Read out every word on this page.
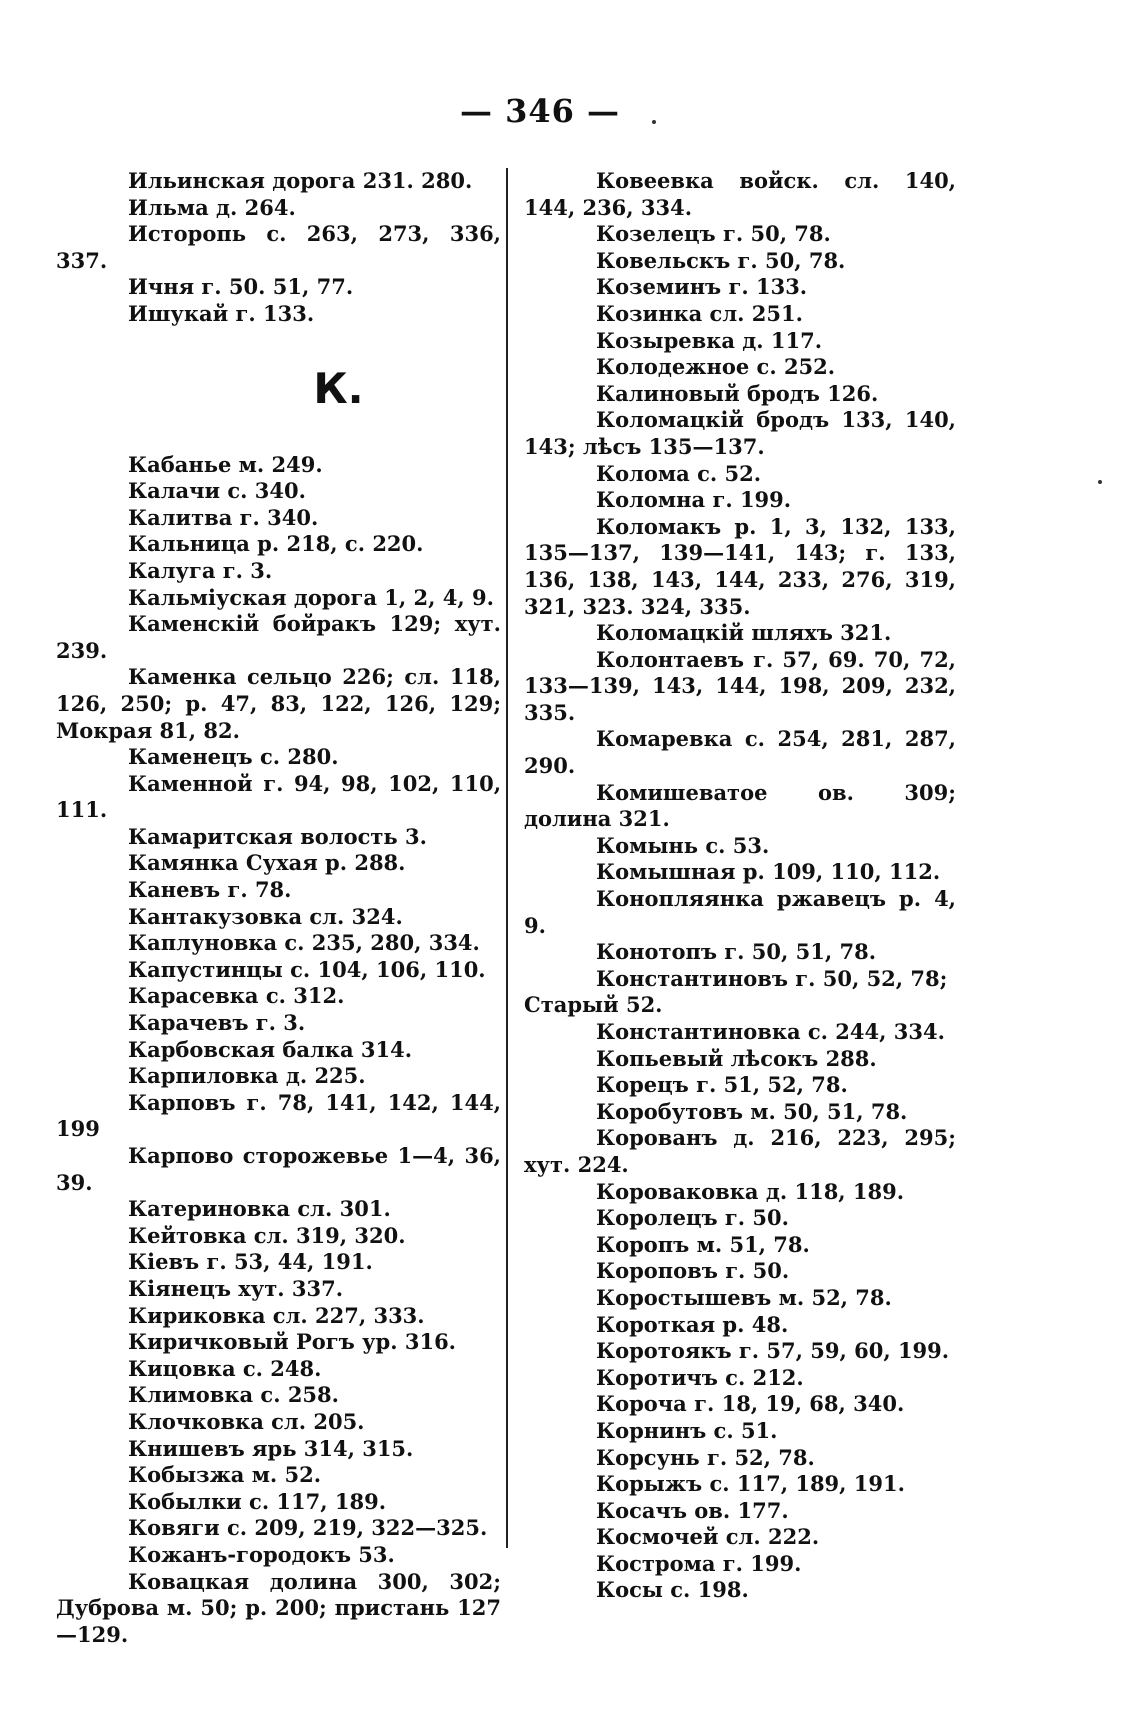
— 346 —

Ильинская дорога 231. 280.

Ильма д. 264.

Исторопь с. 263, 273, 336, 337.

Ичня г. 50. 51, 77.

Ишукай г. 133.

К.

Кабанье м. 249.

Калачи с. 340.

Калитва г. 340.

Кальница р. 218, с. 220.

Калуга г. 3.

Кальміуская дорога 1, 2, 4, 9.

Каменскій бойракъ 129; хут. 239.

Каменка сельцо 226; сл. 118, 126, 250; р. 47, 83, 122, 126, 129; Мокрая 81, 82.

Каменецъ с. 280.

Каменной г. 94, 98, 102, 110, 111.

Камаритская волость 3.

Камянка Сухая р. 288.

Каневъ г. 78.

Кантакузовка сл. 324.

Каплуновка с. 235, 280, 334.

Капустинцы с. 104, 106, 110.

Карасевка с. 312.

Карачевъ г. 3.

Карбовская балка 314.

Карпиловка д. 225.

Карповъ г. 78, 141, 142, 144, 199

Карпово сторожевье 1—4, 36, 39.

Катериновка сл. 301.

Кейтовка сл. 319, 320.

Кіевъ г. 53, 44, 191.

Кіянецъ хут. 337.

Кириковка сл. 227, 333.

Киричковый Рогъ ур. 316.

Кицовка с. 248.

Климовка с. 258.

Клочковка сл. 205.

Книшевъ ярь 314, 315.

Кобызжа м. 52.

Кобылки с. 117, 189.

Ковяги с. 209, 219, 322—325.

Кожанъ-городокъ 53.

Ковацкая долина 300, 302; Дуброва м. 50; р. 200; пристань 127—129.

Ковеевка войск. сл. 140, 144, 236, 334.

Козелецъ г. 50, 78.

Ковельскъ г. 50, 78.

Коземинъ г. 133.

Козинка сл. 251.

Козыревка д. 117.

Колодежное с. 252.

Калиновый бродъ 126.

Коломацкій бродъ 133, 140, 143; лѣсъ 135—137.

Колома с. 52.

Коломна г. 199.

Коломакъ р. 1, 3, 132, 133, 135—137, 139—141, 143; г. 133, 136, 138, 143, 144, 233, 276, 319, 321, 323. 324, 335.

Коломацкій шляхъ 321.

Колонтаевъ г. 57, 69. 70, 72, 133—139, 143, 144, 198, 209, 232, 335.

Комаревка с. 254, 281, 287, 290.

Комишеватое ов. 309; долина 321.

Комынь с. 53.

Комышная р. 109, 110, 112.

Конопляянка ржавецъ р. 4, 9.

Конотопъ г. 50, 51, 78.

Константиновъ г. 50, 52, 78;

Старый 52.

Константиновка с. 244, 334.

Копьевый лѣсокъ 288.

Корецъ г. 51, 52, 78.

Коробутовъ м. 50, 51, 78.

Корованъ д. 216, 223, 295; хут. 224.

Короваковка д. 118, 189.

Королецъ г. 50.

Коропъ м. 51, 78.

Короповъ г. 50.

Коростышевъ м. 52, 78.

Короткая р. 48.

Коротоякъ г. 57, 59, 60, 199.

Коротичъ с. 212.

Короча г. 18, 19, 68, 340.

Корнинъ с. 51.

Корсунь г. 52, 78.

Корыжъ с. 117, 189, 191.

Косачъ ов. 177.

Космочей сл. 222.

Кострома г. 199.

Косы с. 198.
